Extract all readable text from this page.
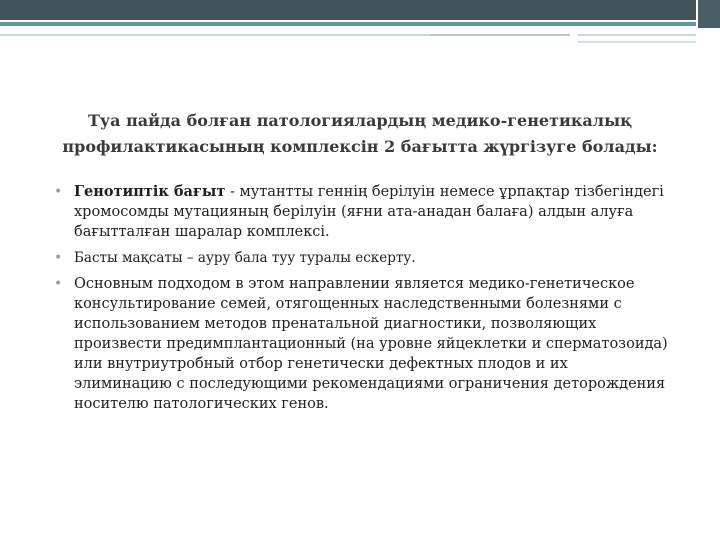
Туа пайда болған патологиялардың медико-генетикалық профилактикасының комплексін 2 бағытта жүргізуге болады:
• Генотиптік бағыт - мутантты геннің берілуін немесе ұрпақтар тізбегіндегі хромосомды мутацияның берілуін (яғни ата-анадан балаға) алдын алуға бағытталған шаралар комплексі.
• Басты мақсаты – ауру бала туу туралы ескерту.
• Основным подходом в этом направлении является медико-генетическое консультирование семей, отягощенных наследственными болезнями с использованием методов пренатальной диагностики, позволяющих произвести предимплантационный (на уровне яйцеклетки и сперматозоида) или внутриутробный отбор генетически дефектных плодов и их элиминацию с последующими рекомендациями ограничения деторождения носителю патологических генов.
